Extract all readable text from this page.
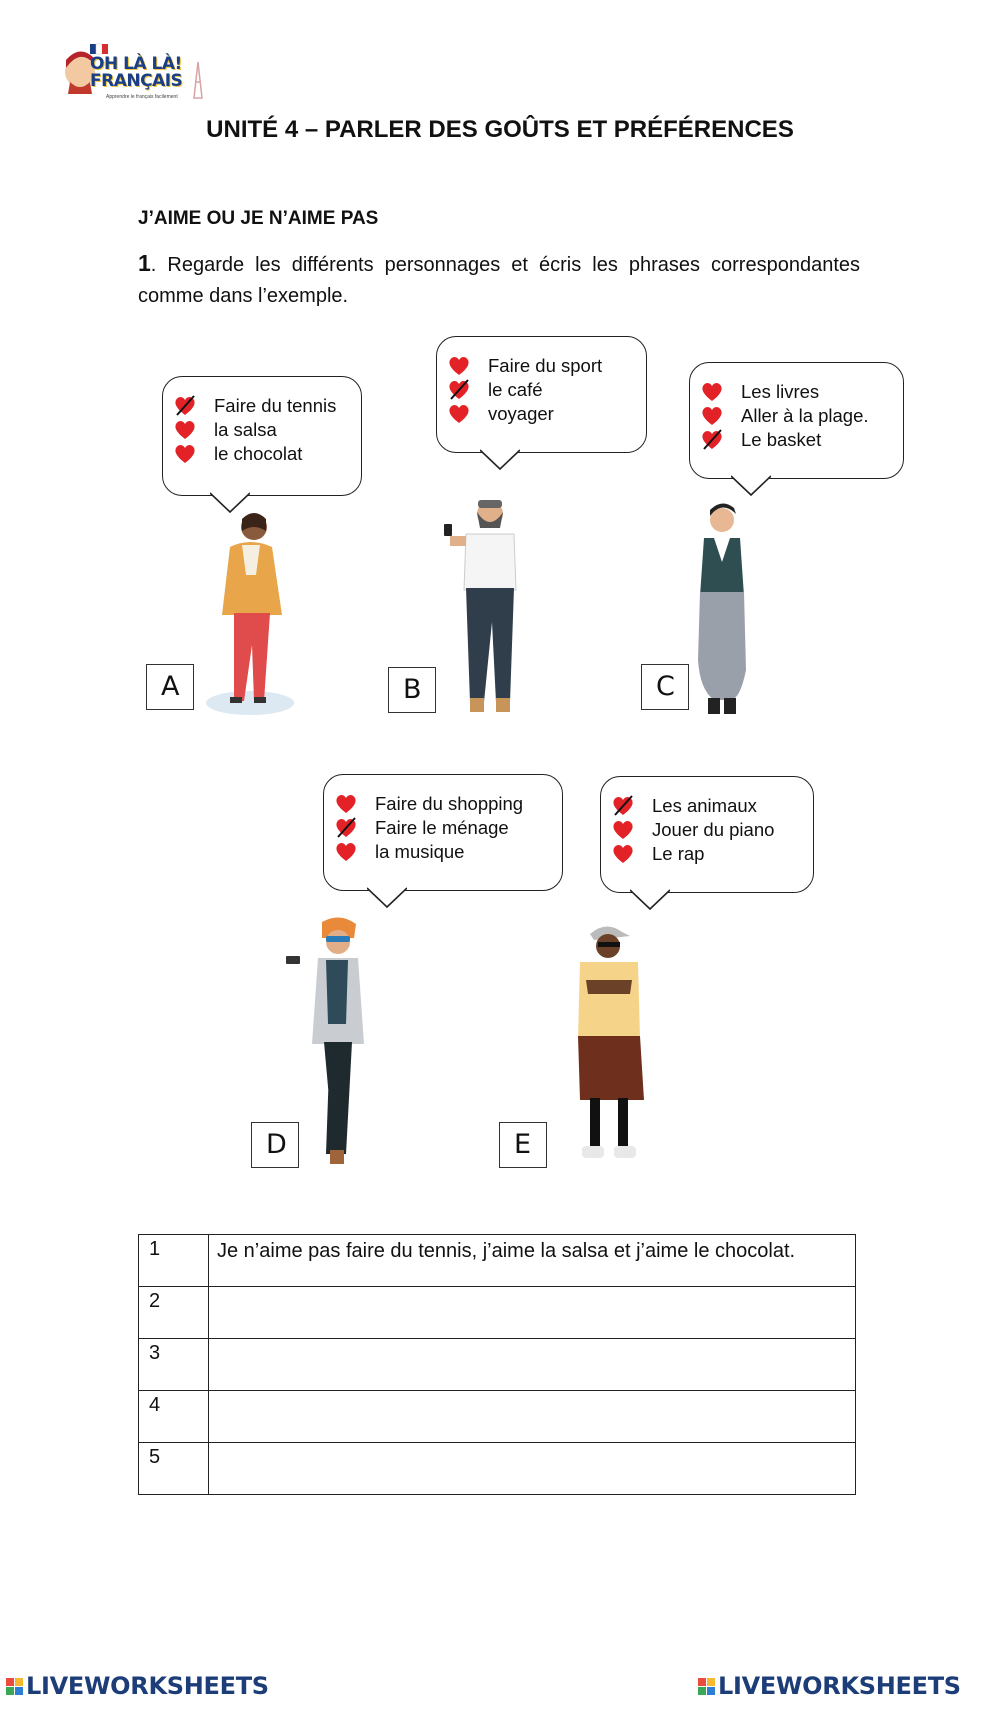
OH LÀ LÀ!
FRANÇAIS
Apprendre le français facilement
UNITÉ 4 – PARLER DES GOÛTS ET PRÉFÉRENCES
J’AIME OU JE N’AIME PAS
1. Regarde les différents personnages et écris les phrases correspondantes comme dans l’exemple.
Faire du tennis
la salsa
le chocolat
Faire du sport
le café
voyager
Les livres
Aller à la plage.
Le basket
Faire du shopping
Faire le ménage
la musique
Les animaux
Jouer du piano
Le rap
A	B	C
D	E
1	Je n’aime pas faire du tennis, j’aime la salsa et j’aime le chocolat.
2	
3	
4	
5	
LIVEWORKSHEETS	LIVEWORKSHEETS
